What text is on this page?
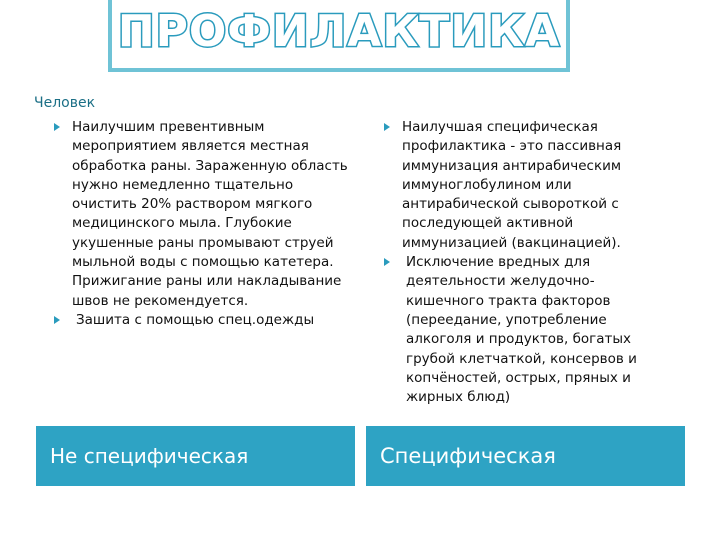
ПРОФИЛАКТИКА
Человек
Наилучшим превентивным мероприятием является местная обработка раны. Зараженную область нужно немедленно тщательно очистить 20% раствором мягкого медицинского мыла. Глубокие укушенные раны промывают струей мыльной воды с помощью катетера. Прижигание раны или накладывание швов не рекомендуется.
Зашита с помощью спец.одежды
Наилучшая специфическая профилактика - это пассивная иммунизация антирабическим иммуноглобулином или антирабической сывороткой с последующей активной иммунизацией (вакцинацией).
Исключение вредных для деятельности желудочно-кишечного тракта факторов (переедание, употребление алкоголя и продуктов, богатых грубой клетчаткой, консервов и копчёностей, острых, пряных и жирных блюд)
Не специфическая	Специфическая
